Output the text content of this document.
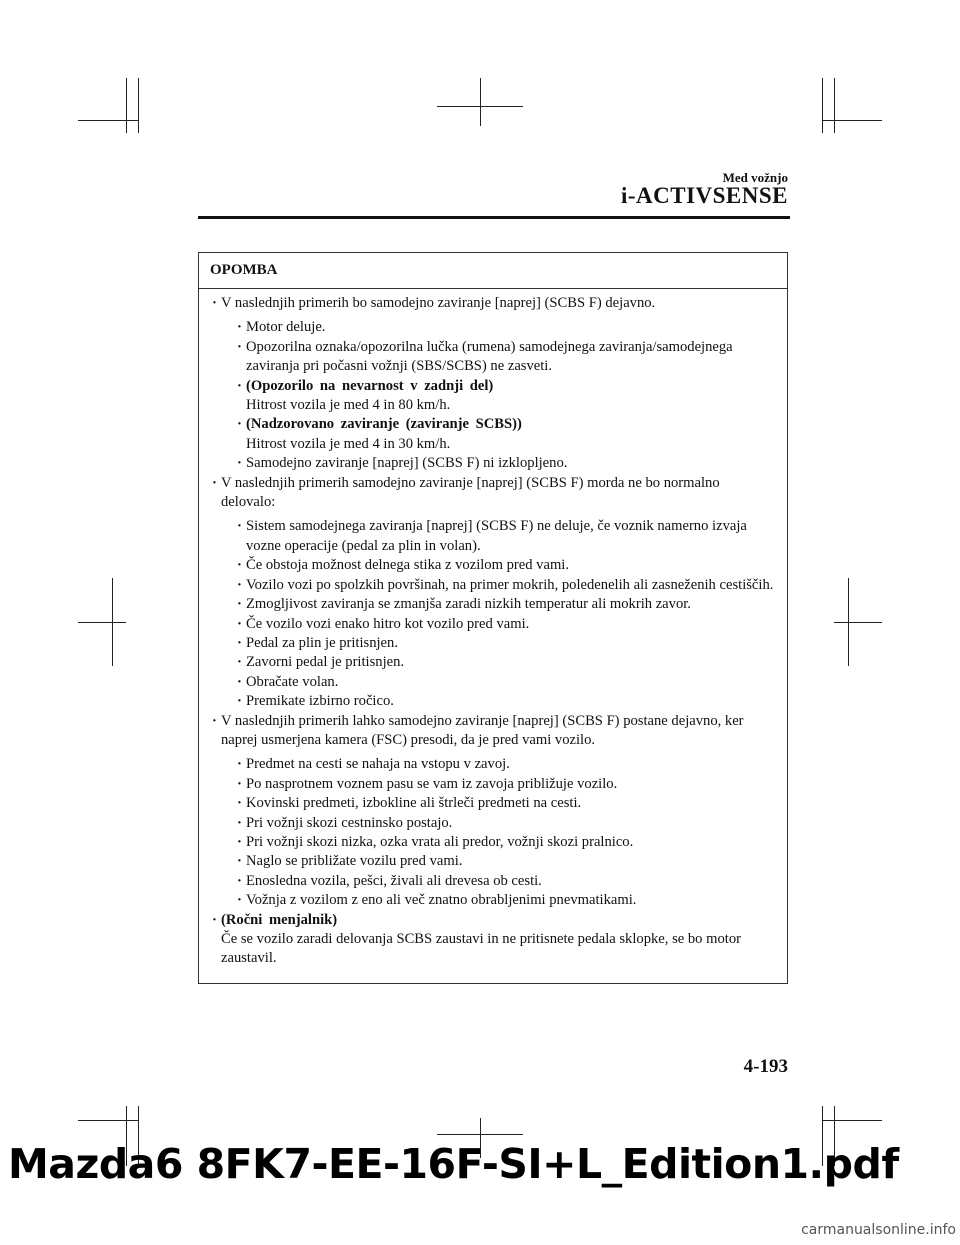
Med vožnjo
i-ACTIVSENSE
OPOMBA
· V naslednjih primerih bo samodejno zaviranje [naprej] (SCBS F) dejavno.
· Motor deluje.
· Opozorilna oznaka/opozorilna lučka (rumena) samodejnega zaviranja/samodejnega zaviranja pri počasni vožnji (SBS/SCBS) ne zasveti.
· (Opozorilo na nevarnost v zadnji del)
Hitrost vozila je med 4 in 80 km/h.
· (Nadzorovano zaviranje (zaviranje SCBS))
Hitrost vozila je med 4 in 30 km/h.
· Samodejno zaviranje [naprej] (SCBS F) ni izklopljeno.
· V naslednjih primerih samodejno zaviranje [naprej] (SCBS F) morda ne bo normalno delovalo:
· Sistem samodejnega zaviranja [naprej] (SCBS F) ne deluje, če voznik namerno izvaja vozne operacije (pedal za plin in volan).
· Če obstoja možnost delnega stika z vozilom pred vami.
· Vozilo vozi po spolzkih površinah, na primer mokrih, poledenelih ali zasneženih cestiščih.
· Zmogljivost zaviranja se zmanjša zaradi nizkih temperatur ali mokrih zavor.
· Če vozilo vozi enako hitro kot vozilo pred vami.
· Pedal za plin je pritisnjen.
· Zavorni pedal je pritisnjen.
· Obračate volan.
· Premikate izbirno ročico.
· V naslednjih primerih lahko samodejno zaviranje [naprej] (SCBS F) postane dejavno, ker naprej usmerjena kamera (FSC) presodi, da je pred vami vozilo.
· Predmet na cesti se nahaja na vstopu v zavoj.
· Po nasprotnem voznem pasu se vam iz zavoja približuje vozilo.
· Kovinski predmeti, izbokline ali štrleči predmeti na cesti.
· Pri vožnji skozi cestninsko postajo.
· Pri vožnji skozi nizka, ozka vrata ali predor, vožnji skozi pralnico.
· Naglo se približate vozilu pred vami.
· Enosledna vozila, pešci, živali ali drevesa ob cesti.
· Vožnja z vozilom z eno ali več znatno obrabljenimi pnevmatikami.
· (Ročni menjalnik)
Če se vozilo zaradi delovanja SCBS zaustavi in ne pritisnete pedala sklopke, se bo motor zaustavil.
4-193
Mazda6 8FK7-EE-16F-SI+L_Edition1.pdf
carmanualsonline.info
